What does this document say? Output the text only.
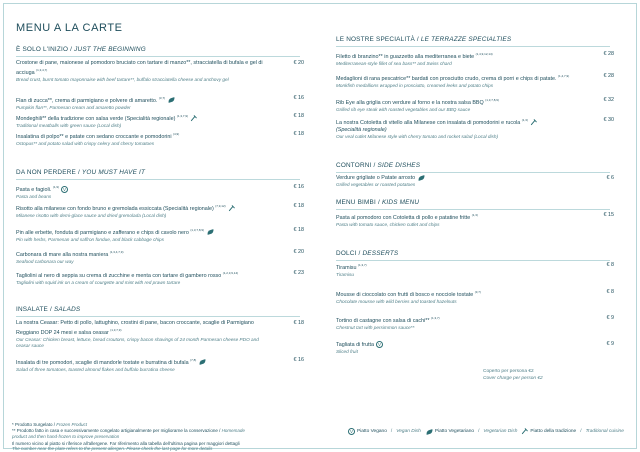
MENU A LA CARTE
È SOLO L'INIZIO / JUST THE BEGINNING
Crostone di pane, maionese al pomodoro bruciato con tartare di manzo**, stracciatella di bufala e gel di acciuga $^{(1,3,4,7)}$
Bread crust, burnt tomato mayonnaise with beef tartare**, buffalo stracciatella cheese and anchovy gel
€ 20
Flan di zucca**, crema di parmigiano e polvere di amaretto. $^{(3,7)}$
Pumpkin flan**, Parmesan cream and amaretto powder
€ 16
Mondeghili** della tradizione con salsa verde (Specialità regionale) $^{(1,3,7,9)}$
Traditional meatballs with green sauce (Local dish)
€ 18
Insalatina di polpo** e patate con sedano croccante e pomodorini $^{(4,9)}$
Octopus** and potato salad with crispy celery and cherry tomatoes
€ 18
DA NON PERDERE / YOU MUST HAVE IT
Pasta e fagioli. $^{(1,9)}$ V
Pasta and beans
€ 16
Risotto alla milanese con fondo bruno e gremolada essiccata (Specialità regionale) $^{(7,9,12)}$
Milanese risotto with demi-glace sauce and dried gremolada (Local dish)
€ 18
Pin alle erbette, fonduta di parmigiano e zafferano e chips di cavolo nero $^{(1,3,7,8,9)}$
Pin with herbs, Parmesan and saffron fondue, and black cabbage chips
€ 18
Carbonara di mare alla nostra maniera $^{(1,3,4,7,9)}$
Seafood carbonara our way
€ 20
Tagliolini al nero di seppia su crema di zucchine e menta con tartare di gambero rosso $^{(1,2,3,9,14)}$
Tagliolini with squid ink on a cream of courgette and mint with red prawn tartare
€ 23
INSALATE / SALADS
La nostra Ceasar: Petto di pollo, lattughino, crostini di pane, bacon croccante, scaglie di Parmigiano Reggiano DOP 24 mesi e salsa ceasar $^{(1,3,7,9)}$
Our Ceasar: Chicken breast, lettuce, bread croutons, crispy bacon shavings of 24 month Parmesan cheese PDO and ceasar sauce
€ 18
Insalata di tre pomodori, scaglie di mandorle tostate e burratina di bufala $^{(7,8)}$
Salad of three tomatoes, toasted almond flakes and buffalo burratina cheese
€ 16
LE NOSTRE SPECIALITÀ / LE TERRAZZE SPECIALTIES
Filetto di branzino** in guazzetto alla mediterranea e biete $^{(1,4,9,12,14)}$
Mediterranean-style fillet of sea bass** and Swiss chard
€ 28
Medaglioni di rana pescatrice** bardati con prosciutto crudo, crema di porri e chips di patate. $^{(1,4,7,9)}$
Monkfish medallions wrapped in prosciutto, creamed leeks and potato chips
€ 28
Rib Eye alla griglia con verdure al forno e la nostra salsa BBQ $^{(1,3,7,8,9)}$
Grilled rib eye steak with roasted vegetables and our BBQ sauce
€ 32
La nostra Cotoletta di vitello alla Milanese con insalata di pomodorini e rucola $^{(1,3)}$
(Specialità regionale)
Our veal cutlet Milanese style with cherry tomato and rocket salad (Local dish)
€ 30
CONTORNI / SIDE DISHES
Verdure grigliate o Patate arrosto
Grilled vegetables or roasted potatoes
€ 6
MENU BIMBI / KIDS MENU
Pasta al pomodoro con Cotoletta di pollo e patatine fritte $^{(1,3)}$
Pasta with tomato sauce, chicken cutlet and chips
€ 15
DOLCI / DESSERTS
Tiramisu $^{(1,3,7)}$
Tiramisu
€ 8
Mousse di cioccolato con frutti di bosco e nocciole tostate $^{(3,7)}$
Chocolate mousse with wild berries and toasted hazelnuts
€ 8
Tortino di castagne con salsa di cachi** $^{(1,3,7)}$
Chestnut tart with persimmon sauce**
€ 9
Tagliata di frutta V
Sliced fruit
€ 9
Coperto per persona €2
Cover charge per person €2
* Prodotto Surgelato / Frozen Product
** Prodotto fatto in casa e successivamente congelato artigianalmente per migliorarne la conservazione / Homemade
product and then hand-frozen to improve preservation
Il numero vicino al piatto si riferisce all'allergene. Far riferimento alla tabella dell'ultima pagina per maggiori dettagli
The number near the plate refers to the present allergen. Please check the last page for more details
V Piatto Vegano / Vegan Dish	Piatto Vegetariano / Vegetarian Dish	Piatto della tradizione / Traditional cuisine
